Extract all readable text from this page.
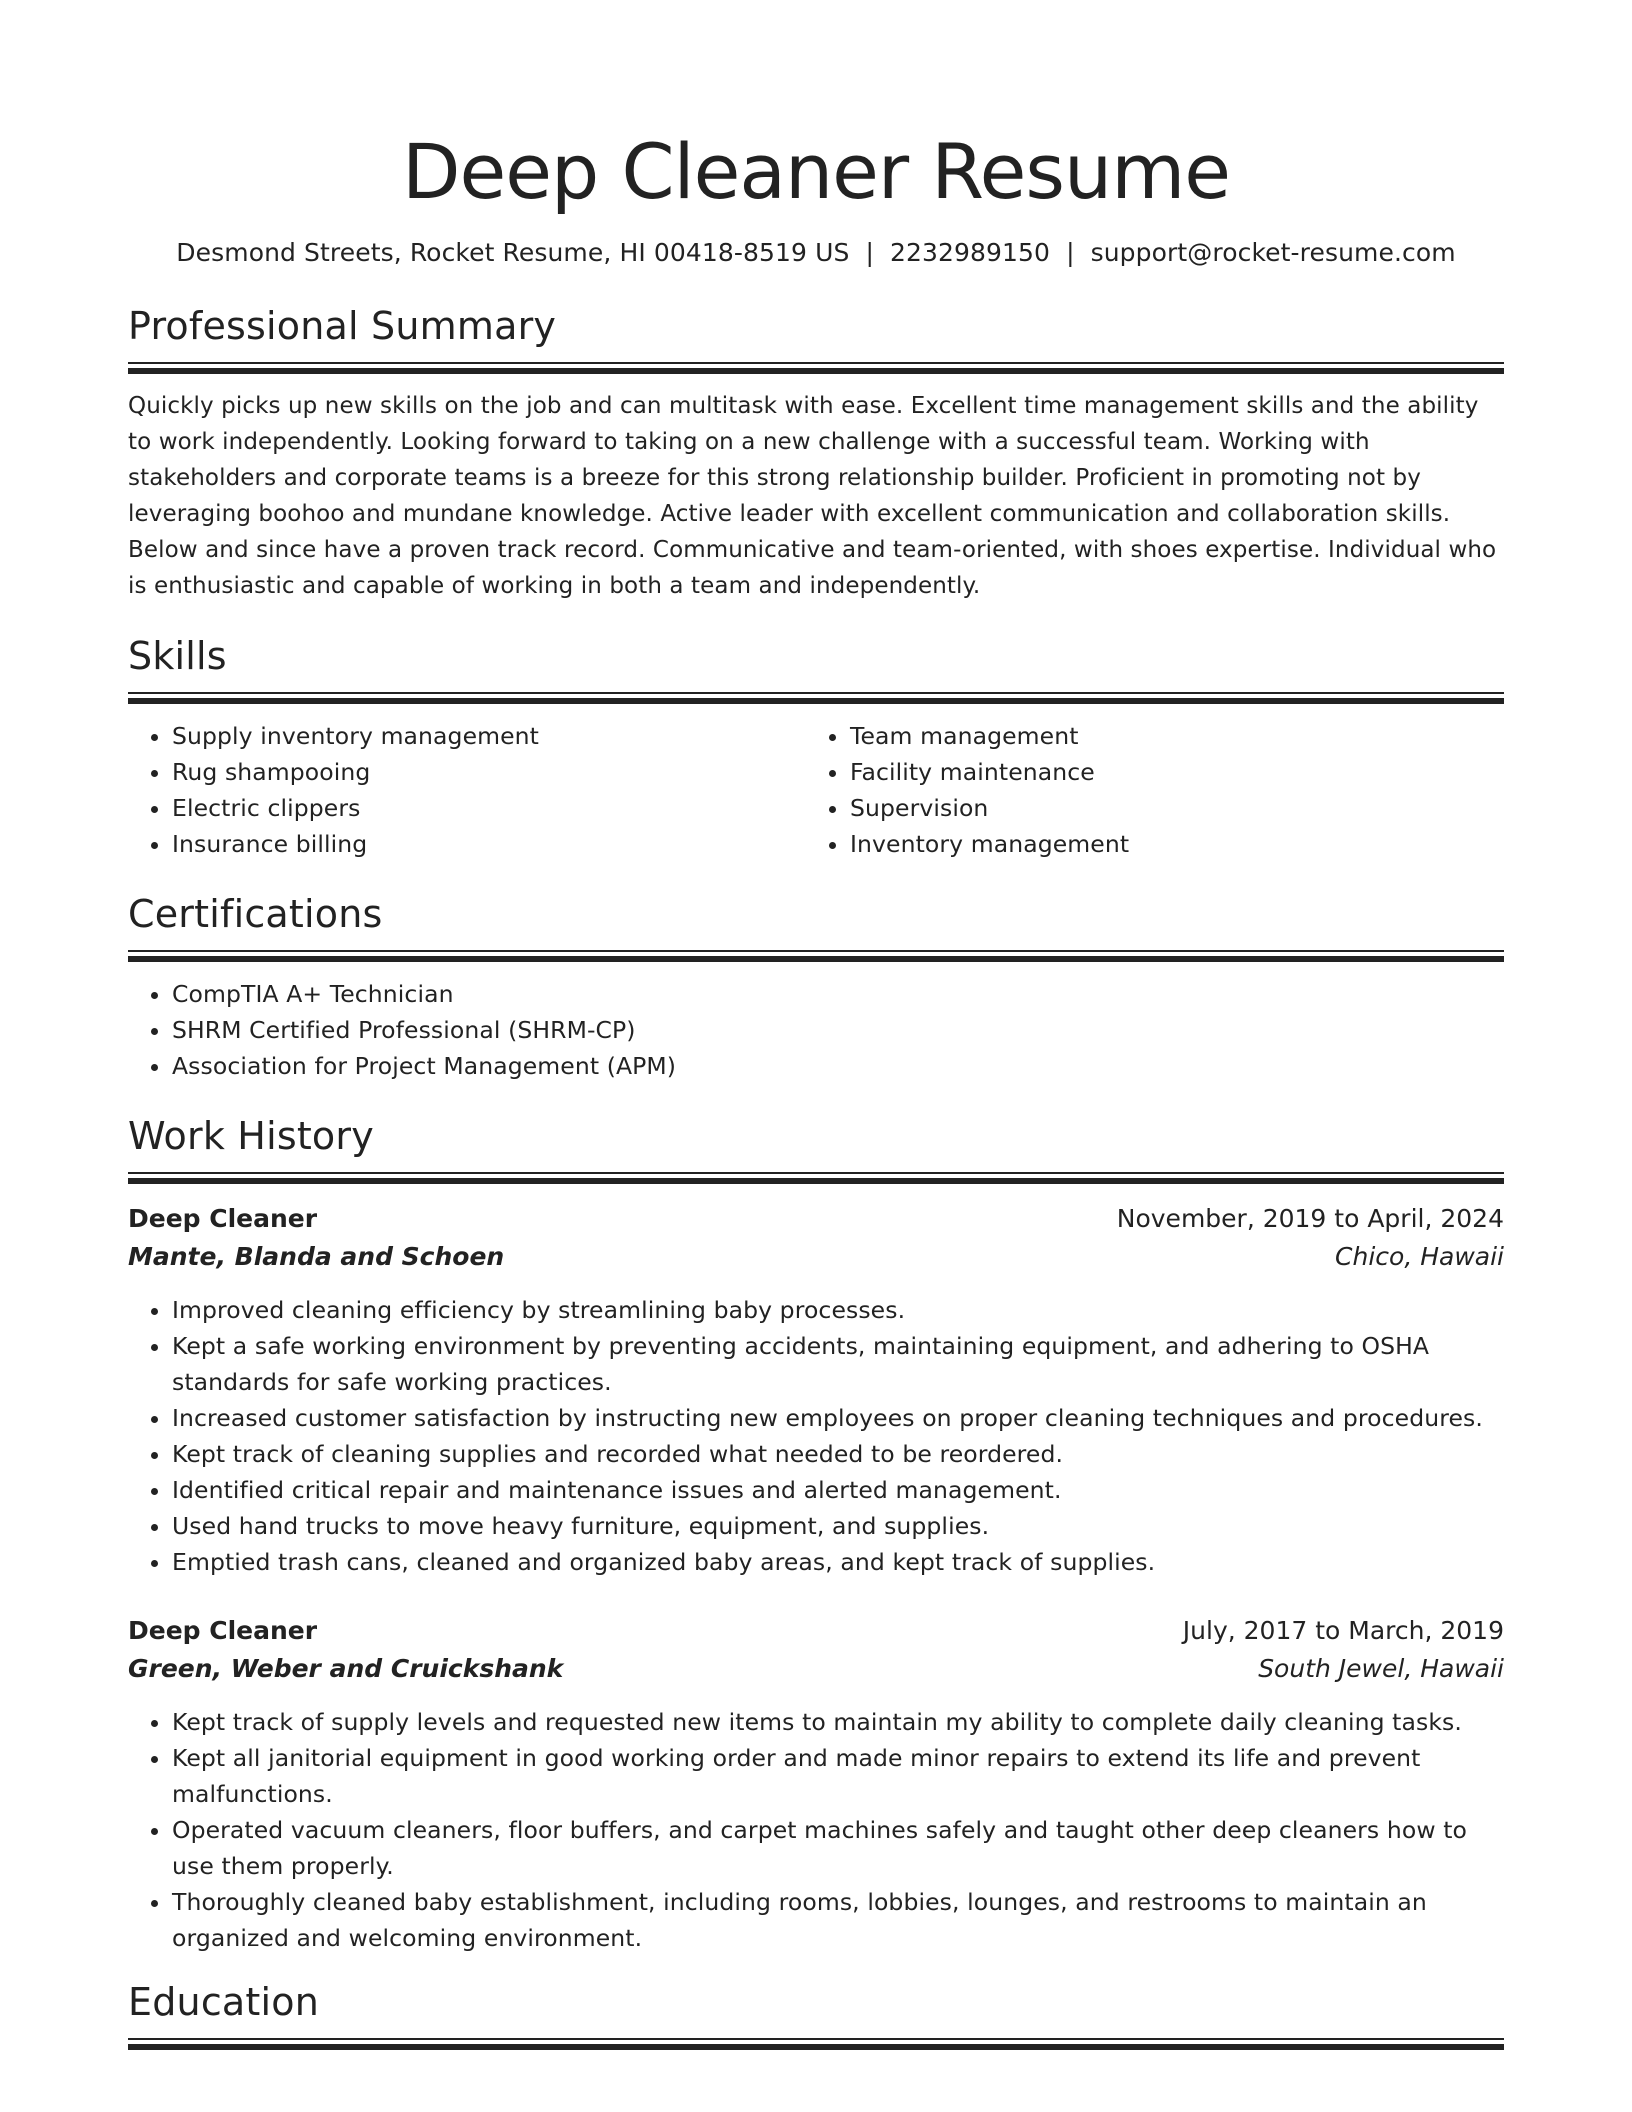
Deep Cleaner Resume
Desmond Streets, Rocket Resume, HI 00418-8519 US | 2232989150 | support@rocket-resume.com
Professional Summary

Quickly picks up new skills on the job and can multitask with ease. Excellent time management skills and the ability to work independently. Looking forward to taking on a new challenge with a successful team. Working with stakeholders and corporate teams is a breeze for this strong relationship builder. Proficient in promoting not by leveraging boohoo and mundane knowledge. Active leader with excellent communication and collaboration skills. Below and since have a proven track record. Communicative and team-oriented, with shoes expertise. Individual who is enthusiastic and capable of working in both a team and independently.

Skills
• Supply inventory management
• Rug shampooing
• Electric clippers
• Insurance billing
• Team management
• Facility maintenance
• Supervision
• Inventory management
Certifications
• CompTIA A+ Technician
• SHRM Certified Professional (SHRM-CP)
• Association for Project Management (APM)
Work History
Deep Cleaner	November, 2019 to April, 2024
Mante, Blanda and Schoen	Chico, Hawaii
• Improved cleaning efficiency by streamlining baby processes.
• Kept a safe working environment by preventing accidents, maintaining equipment, and adhering to OSHA standards for safe working practices.
• Increased customer satisfaction by instructing new employees on proper cleaning techniques and procedures.
• Kept track of cleaning supplies and recorded what needed to be reordered.
• Identified critical repair and maintenance issues and alerted management.
• Used hand trucks to move heavy furniture, equipment, and supplies.
• Emptied trash cans, cleaned and organized baby areas, and kept track of supplies.
Deep Cleaner	July, 2017 to March, 2019
Green, Weber and Cruickshank	South Jewel, Hawaii
• Kept track of supply levels and requested new items to maintain my ability to complete daily cleaning tasks.
• Kept all janitorial equipment in good working order and made minor repairs to extend its life and prevent malfunctions.
• Operated vacuum cleaners, floor buffers, and carpet machines safely and taught other deep cleaners how to use them properly.
• Thoroughly cleaned baby establishment, including rooms, lobbies, lounges, and restrooms to maintain an organized and welcoming environment.
Education
